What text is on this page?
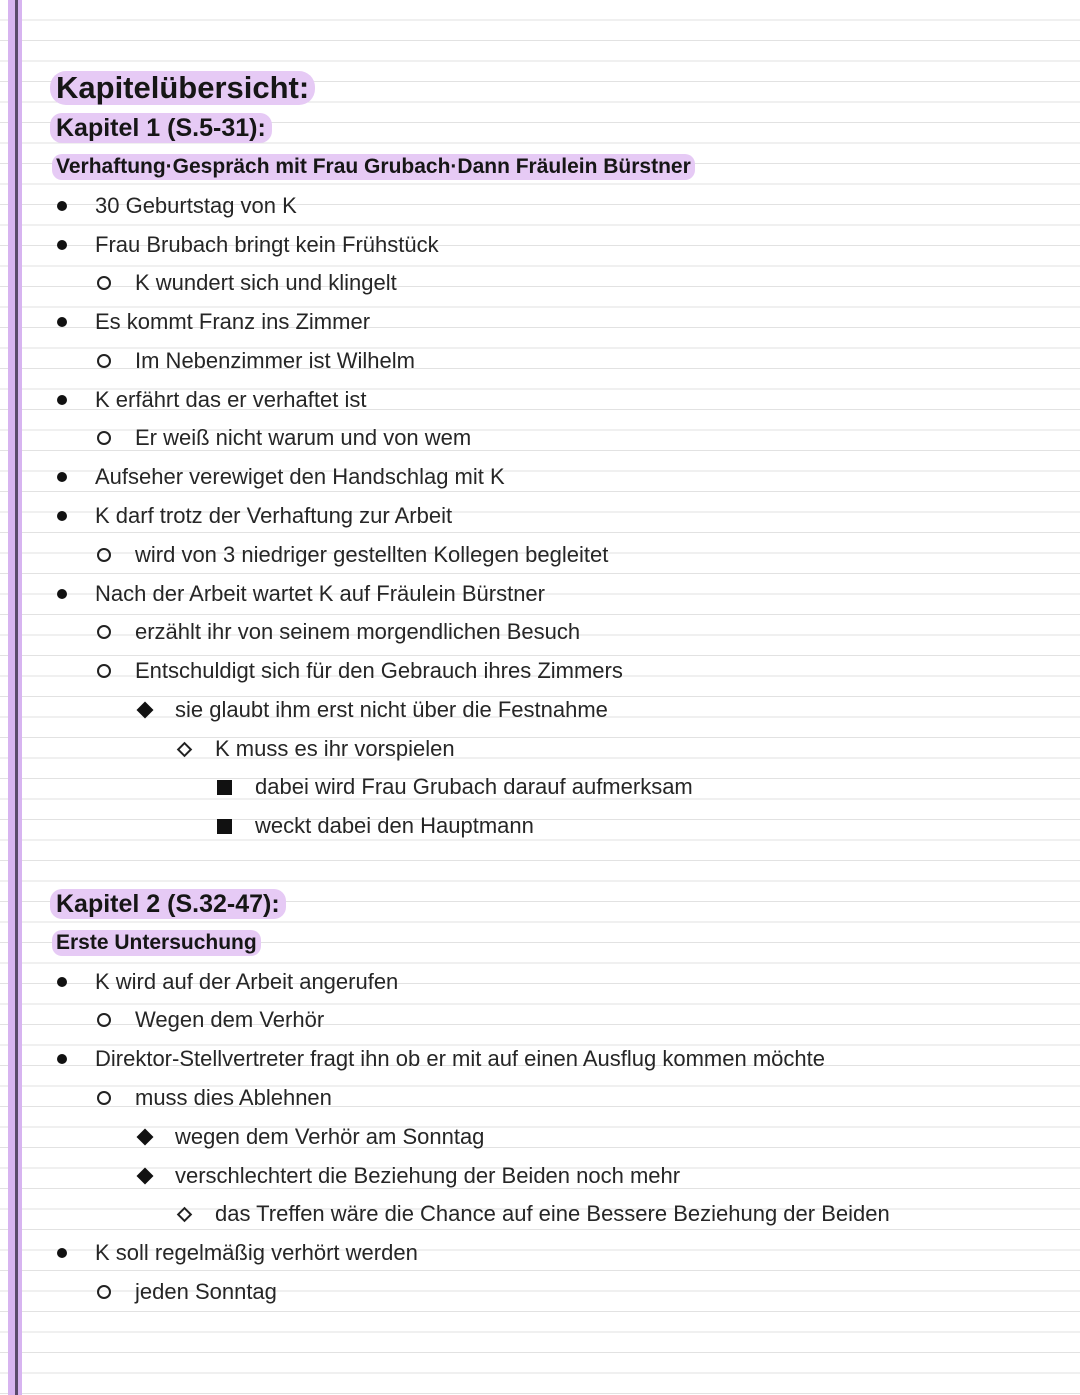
Kapitelübersicht:
Kapitel 1 (S.5-31):
Verhaftung·Gespräch mit Frau Grubach·Dann Fräulein Bürstner
30 Geburtstag von K
Frau Brubach bringt kein Frühstück
K wundert sich und klingelt
Es kommt Franz ins Zimmer
Im Nebenzimmer ist Wilhelm
K erfährt das er verhaftet ist
Er weiß nicht warum und von wem
Aufseher verewiget den Handschlag mit K
K darf trotz der Verhaftung zur Arbeit
wird von 3 niedriger gestellten Kollegen begleitet
Nach der Arbeit wartet K auf Fräulein Bürstner
erzählt ihr von seinem morgendlichen Besuch
Entschuldigt sich für den Gebrauch ihres Zimmers
sie glaubt ihm erst nicht über die Festnahme
K muss es ihr vorspielen
dabei wird Frau Grubach darauf aufmerksam
weckt dabei den Hauptmann
Kapitel 2 (S.32-47):
Erste Untersuchung
K wird auf der Arbeit angerufen
Wegen dem Verhör
Direktor-Stellvertreter fragt ihn ob er mit auf einen Ausflug kommen möchte
muss dies Ablehnen
wegen dem Verhör am Sonntag
verschlechtert die Beziehung der Beiden noch mehr
das Treffen wäre die Chance auf eine Bessere Beziehung der Beiden
K soll regelmäßig verhört werden
jeden Sonntag
